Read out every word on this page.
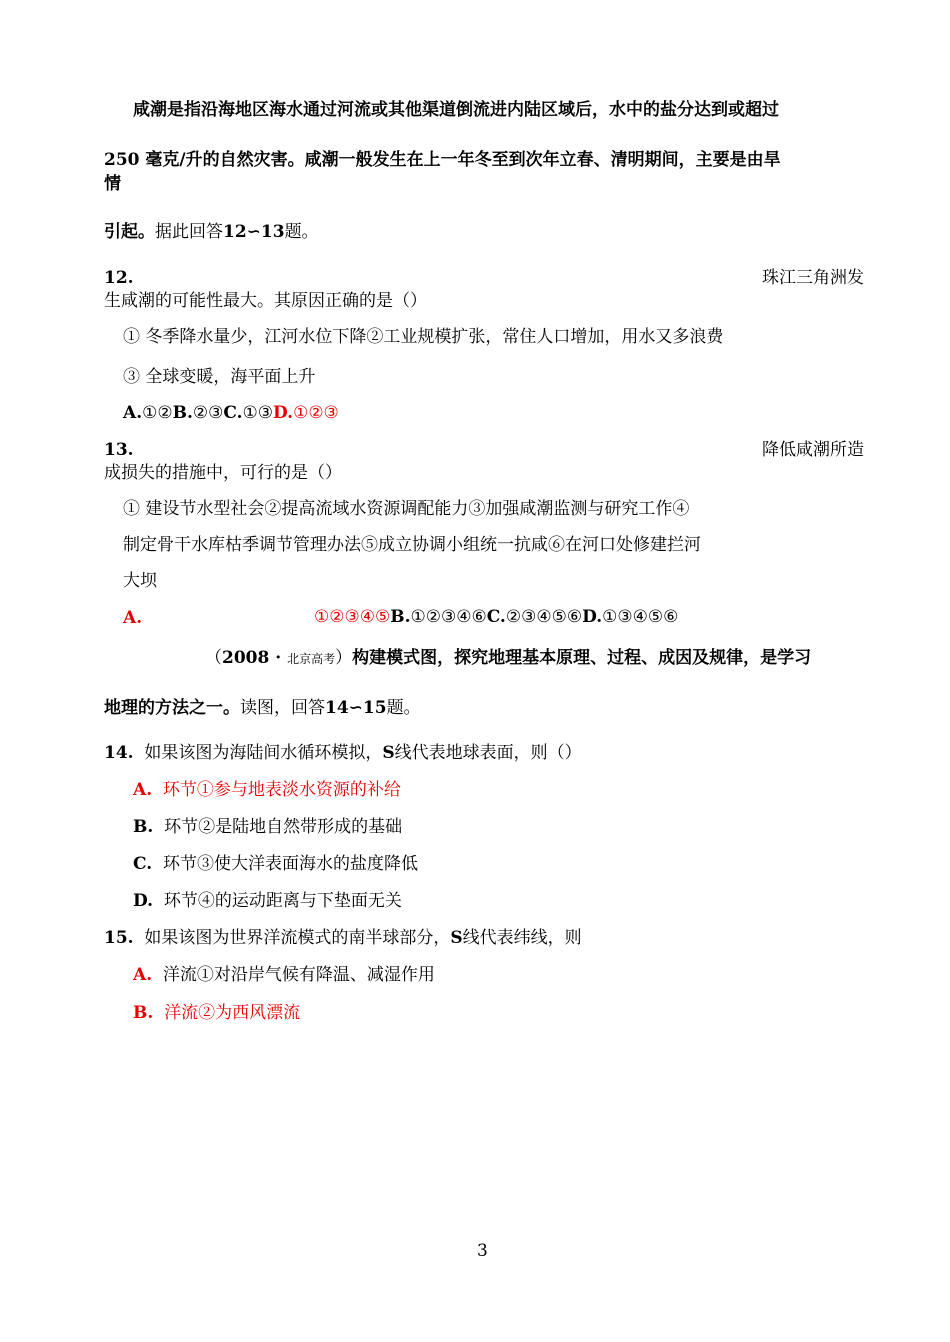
咸潮是指沿海地区海水通过河流或其他渠道倒流进内陆区域后，水中的盐分达到或超过
250 毫克/升的自然灾害。咸潮一般发生在上一年冬至到次年立春、清明期间，主要是由旱
情
引起。据此回答12∽13题。
12.	珠江三角洲发
生咸潮的可能性最大。其原因正确的是（）
① 冬季降水量少，江河水位下降②工业规模扩张，常住人口增加，用水又多浪费
③ 全球变暖，海平面上升
A.①②B.②③C.①③D.①②③
13.	降低咸潮所造
成损失的措施中，可行的是（）
① 建设节水型社会②提高流域水资源调配能力③加强咸潮监测与研究工作④
制定骨干水库枯季调节管理办法⑤成立协调小组统一抗咸⑥在河口处修建拦河
大坝
A.	①②③④⑤B.①②③④⑥C.②③④⑤⑥D.①③④⑤⑥
（2008 · 北京高考）构建模式图，探究地理基本原理、过程、成因及规律，是学习
地理的方法之一。读图，回答14∽15题。
14. 如果该图为海陆间水循环模拟，S线代表地球表面，则（）
A. 环节①参与地表淡水资源的补给
B. 环节②是陆地自然带形成的基础
C. 环节③使大洋表面海水的盐度降低
D. 环节④的运动距离与下垫面无关
15. 如果该图为世界洋流模式的南半球部分，S线代表纬线，则
A. 洋流①对沿岸气候有降温、减湿作用
B. 洋流②为西风漂流
3
